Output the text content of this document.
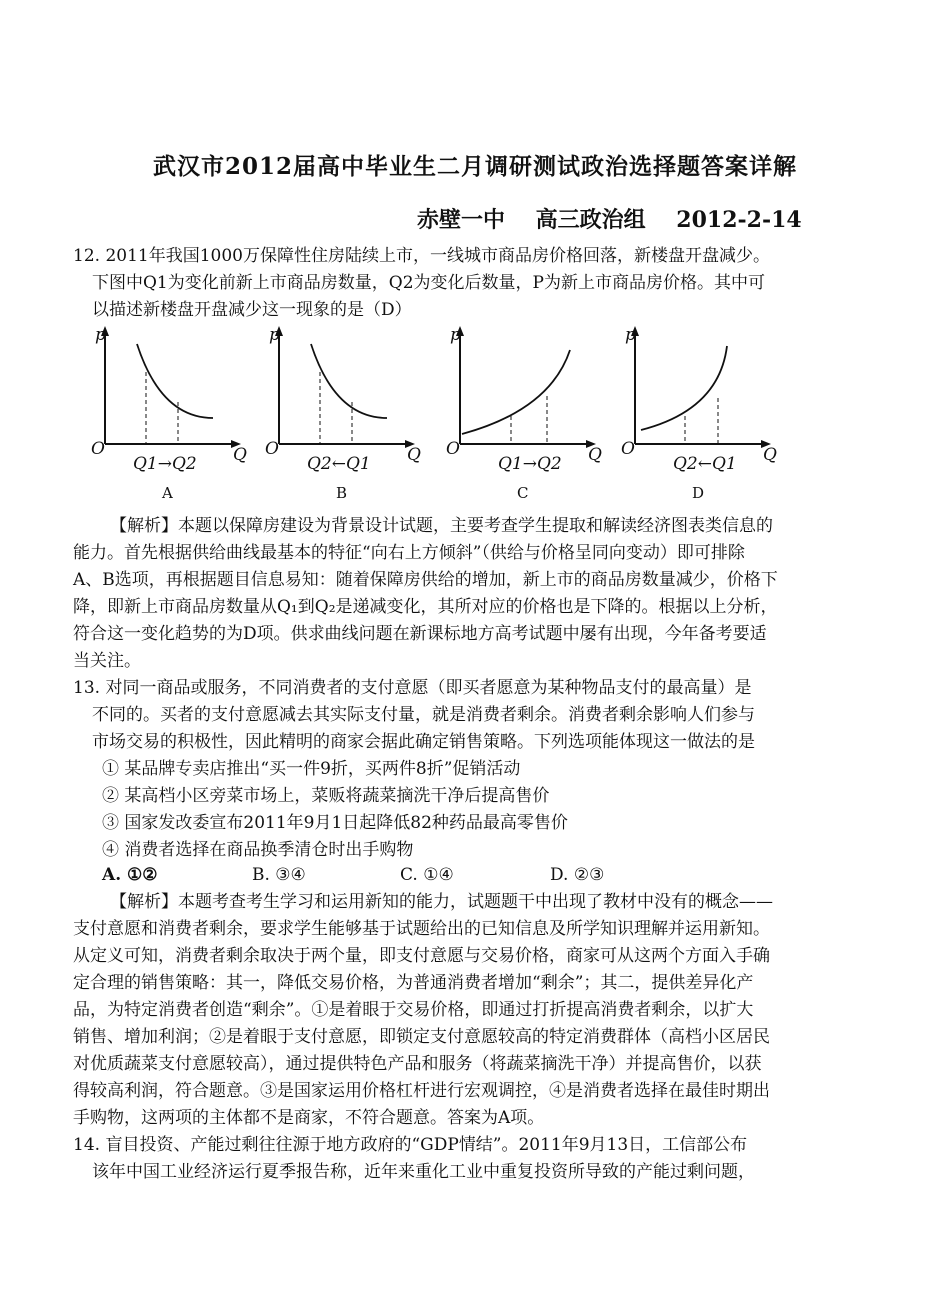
武汉市2012届高中毕业生二月调研测试政治选择题答案详解
赤壁一中    高三政治组    2012-2-14
12. 2011年我国1000万保障性住房陆续上市，一线城市商品房价格回落，新楼盘开盘减少。
下图中Q1为变化前新上市商品房数量，Q2为变化后数量，P为新上市商品房价格。其中可
以描述新楼盘开盘减少这一现象的是（D）
p
O	Q
Q1→Q2
A
p
O	Q
Q2←Q1
B
p
O	Q
Q1→Q2
C
p
O	Q
Q2←Q1
D
【解析】本题以保障房建设为背景设计试题，主要考查学生提取和解读经济图表类信息的
能力。首先根据供给曲线最基本的特征“向右上方倾斜”（供给与价格呈同向变动）即可排除
A、B选项，再根据题目信息易知：随着保障房供给的增加，新上市的商品房数量减少，价格下
降，即新上市商品房数量从Q₁到Q₂是递减变化，其所对应的价格也是下降的。根据以上分析，
符合这一变化趋势的为D项。供求曲线问题在新课标地方高考试题中屡有出现，今年备考要适
当关注。
13. 对同一商品或服务，不同消费者的支付意愿（即买者愿意为某种物品支付的最高量）是
不同的。买者的支付意愿减去其实际支付量，就是消费者剩余。消费者剩余影响人们参与
市场交易的积极性，因此精明的商家会据此确定销售策略。下列选项能体现这一做法的是
① 某品牌专卖店推出“买一件9折，买两件8折”促销活动
② 某高档小区旁菜市场上，菜贩将蔬菜摘洗干净后提高售价
③ 国家发改委宣布2011年9月1日起降低82种药品最高零售价
④ 消费者选择在商品换季清仓时出手购物
A. ①②	B. ③④	C. ①④	D. ②③
【解析】本题考查考生学习和运用新知的能力，试题题干中出现了教材中没有的概念——
支付意愿和消费者剩余，要求学生能够基于试题给出的已知信息及所学知识理解并运用新知。
从定义可知，消费者剩余取决于两个量，即支付意愿与交易价格，商家可从这两个方面入手确
定合理的销售策略：其一，降低交易价格，为普通消费者增加“剩余”；其二，提供差异化产
品，为特定消费者创造“剩余”。①是着眼于交易价格，即通过打折提高消费者剩余，以扩大
销售、增加利润；②是着眼于支付意愿，即锁定支付意愿较高的特定消费群体（高档小区居民
对优质蔬菜支付意愿较高），通过提供特色产品和服务（将蔬菜摘洗干净）并提高售价，以获
得较高利润，符合题意。③是国家运用价格杠杆进行宏观调控，④是消费者选择在最佳时期出
手购物，这两项的主体都不是商家，不符合题意。答案为A项。
14. 盲目投资、产能过剩往往源于地方政府的“GDP情结”。2011年9月13日，工信部公布
该年中国工业经济运行夏季报告称，近年来重化工业中重复投资所导致的产能过剩问题，
